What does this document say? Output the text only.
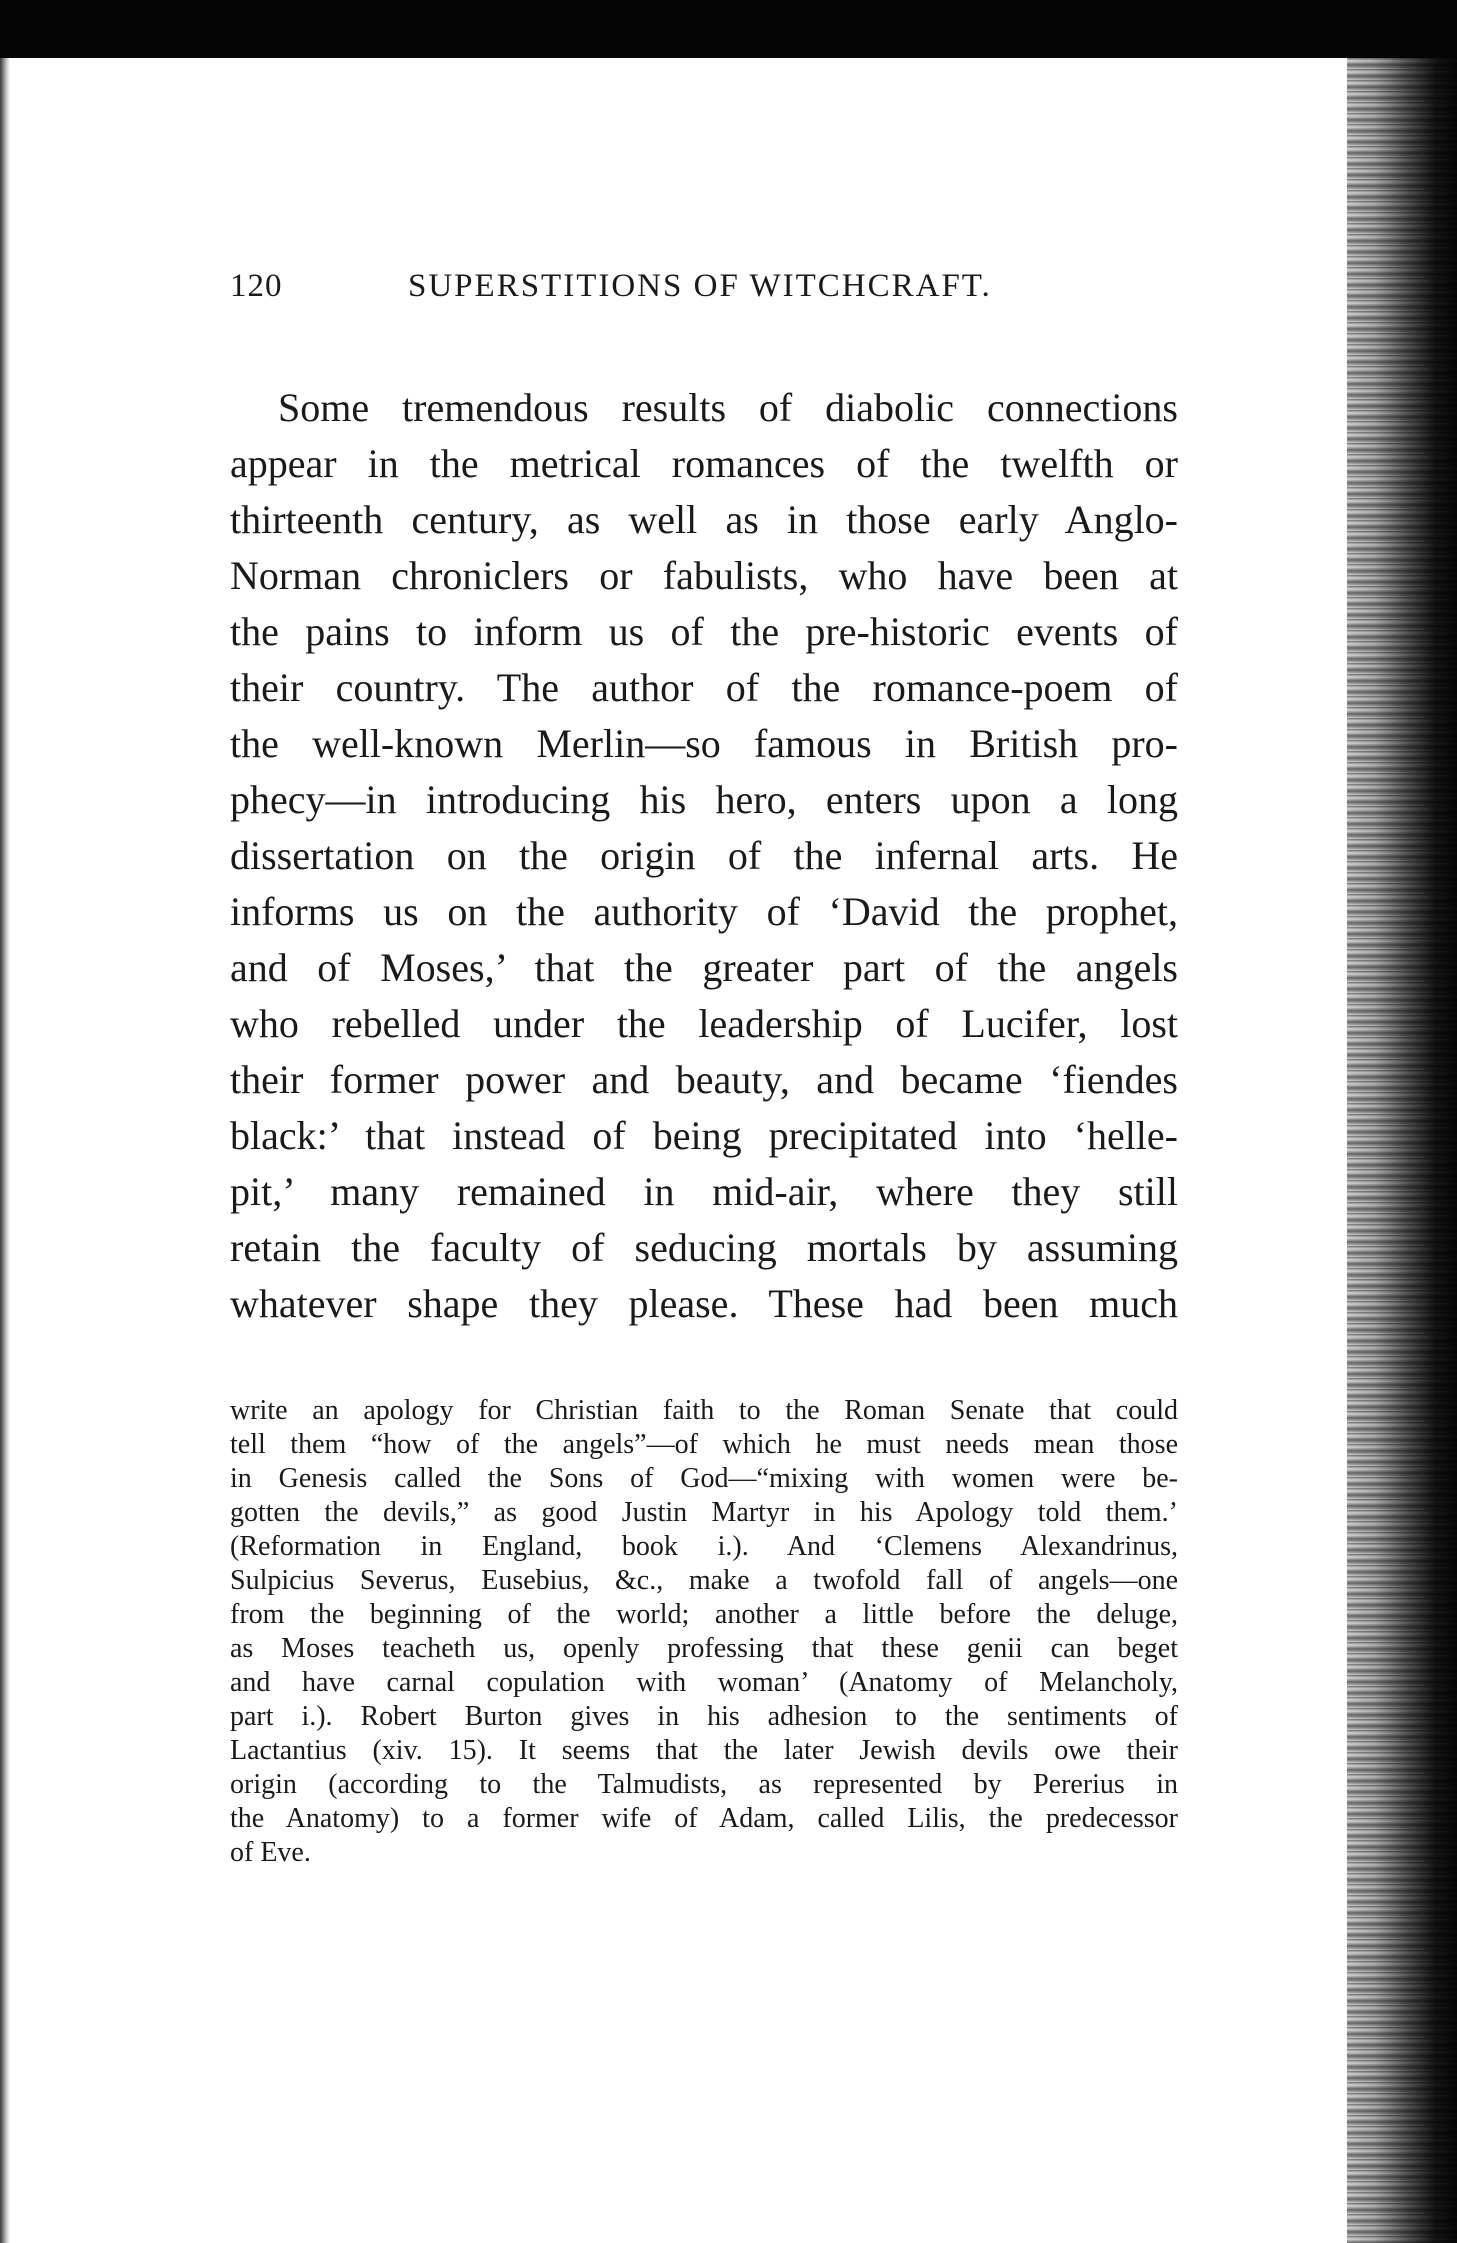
120	SUPERSTITIONS OF WITCHCRAFT.
Some tremendous results of diabolic connections
appear in the metrical romances of the twelfth or
thirteenth century, as well as in those early Anglo-
Norman chroniclers or fabulists, who have been at
the pains to inform us of the pre-historic events of
their country. The author of the romance-poem of
the well-known Merlin—so famous in British pro-
phecy—in introducing his hero, enters upon a long
dissertation on the origin of the infernal arts. He
informs us on the authority of ‘David the prophet,
and of Moses,’ that the greater part of the angels
who rebelled under the leadership of Lucifer, lost
their former power and beauty, and became ‘fiendes
black:’ that instead of being precipitated into ‘helle-
pit,’ many remained in mid-air, where they still
retain the faculty of seducing mortals by assuming
whatever shape they please. These had been much
write an apology for Christian faith to the Roman Senate that could
tell them “how of the angels”—of which he must needs mean those
in Genesis called the Sons of God—“mixing with women were be-
gotten the devils,” as good Justin Martyr in his Apology told them.’
(Reformation in England, book i.). And ‘Clemens Alexandrinus,
Sulpicius Severus, Eusebius, &c., make a twofold fall of angels—one
from the beginning of the world; another a little before the deluge,
as Moses teacheth us, openly professing that these genii can beget
and have carnal copulation with woman’ (Anatomy of Melancholy,
part i.). Robert Burton gives in his adhesion to the sentiments of
Lactantius (xiv. 15). It seems that the later Jewish devils owe their
origin (according to the Talmudists, as represented by Pererius in
the Anatomy) to a former wife of Adam, called Lilis, the predecessor
of Eve.
